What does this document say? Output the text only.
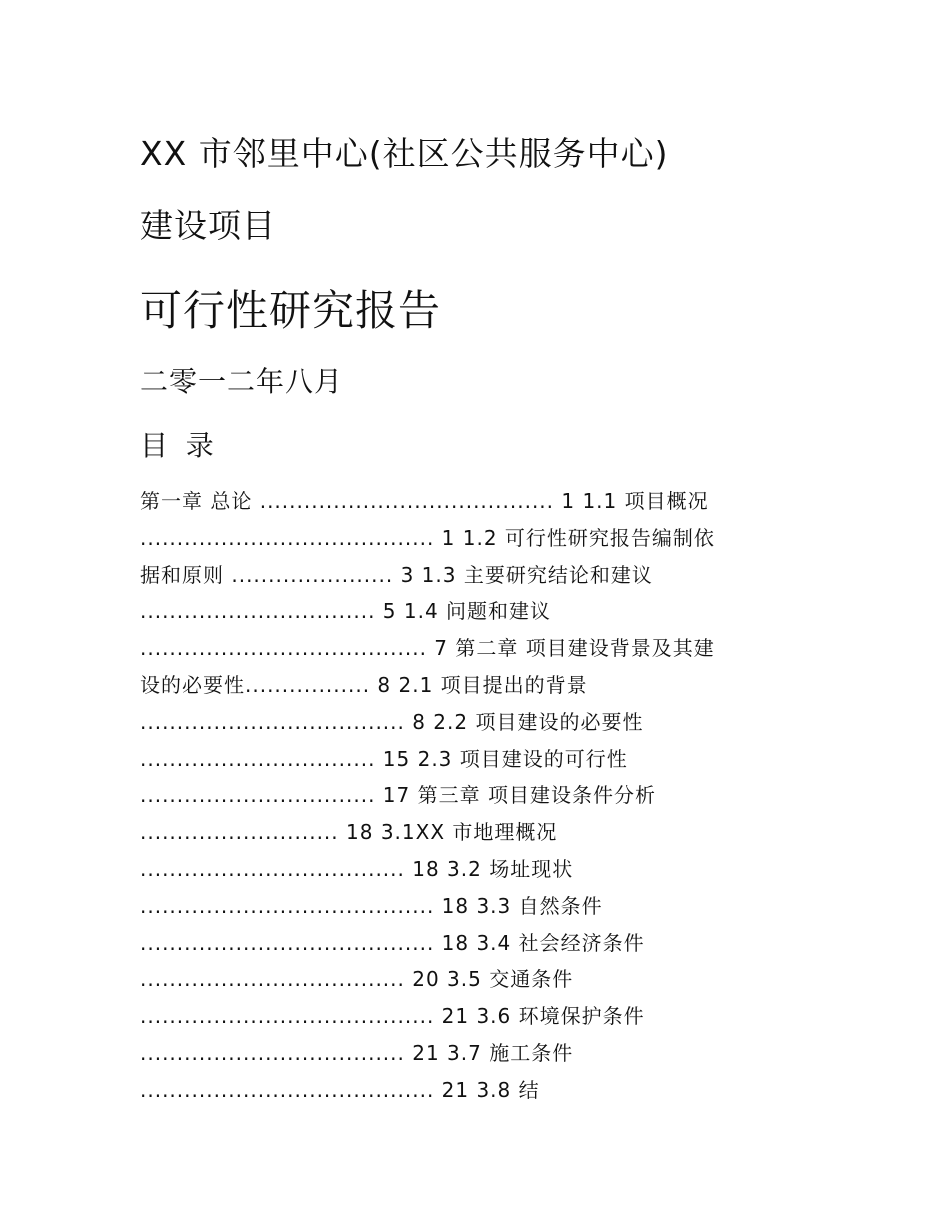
XX 市邻里中心(社区公共服务中心)
建设项目
可行性研究报告
二零一二年八月
目  录
第一章 总论 ........................................ 1 1.1 项目概况
........................................ 1 1.2 可行性研究报告编制依
据和原则 ...................... 3 1.3 主要研究结论和建议
................................ 5 1.4 问题和建议
....................................... 7 第二章 项目建设背景及其建
设的必要性................. 8 2.1 项目提出的背景
.................................... 8 2.2 项目建设的必要性
................................ 15 2.3 项目建设的可行性
................................ 17 第三章 项目建设条件分析
........................... 18 3.1XX 市地理概况
.................................... 18 3.2 场址现状
........................................ 18 3.3 自然条件
........................................ 18 3.4 社会经济条件
.................................... 20 3.5 交通条件
........................................ 21 3.6 环境保护条件
.................................... 21 3.7 施工条件
........................................ 21 3.8 结
